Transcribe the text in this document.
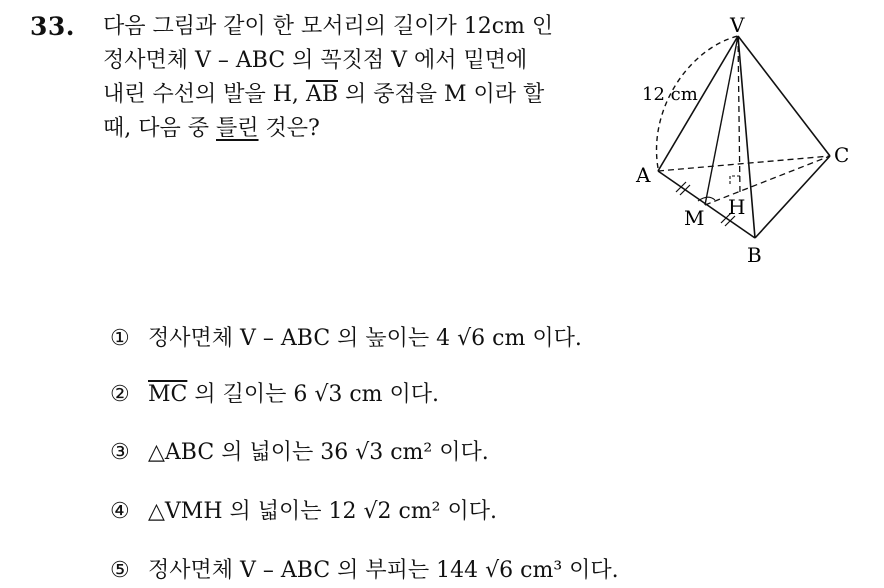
33. 다음 그림과 같이 한 모서리의 길이가 12cm 인
정사면체 V – ABC 의 꼭짓점 V 에서 밑면에
내린 수선의 발을 H, $\overline{AB}$ 의 중점을 M 이라 할
때, 다음 중 틀린 것은?
V
A
B
C
M H
12 cm
① 정사면체 V – ABC 의 높이는 4 √6 cm 이다.
② $\overline{MC}$ 의 길이는 6 √3 cm 이다.
③ △ABC 의 넓이는 36 √3 cm² 이다.
④ △VMH 의 넓이는 12 √2 cm² 이다.
⑤ 정사면체 V – ABC 의 부피는 144 √6 cm³ 이다.
